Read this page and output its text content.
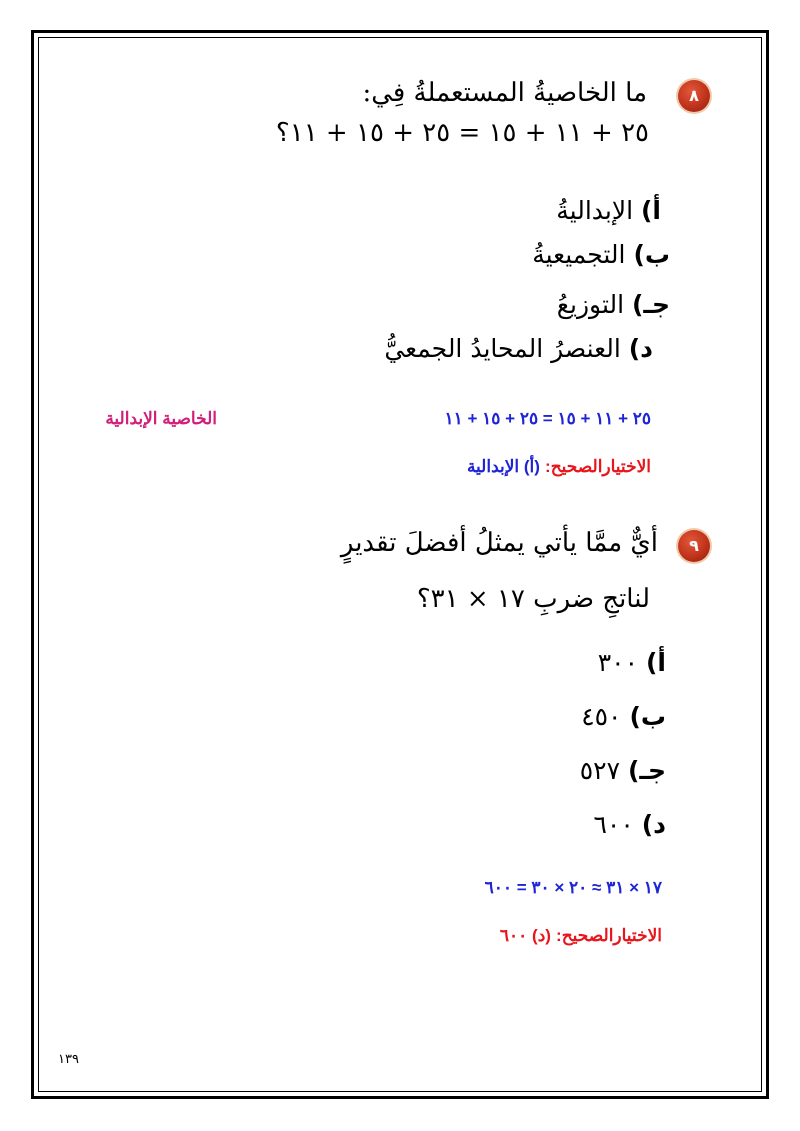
٨
ما الخاصيةُ المستعملةُ فِي:
٢٥ + ١١ + ١٥ = ٢٥ + ١٥ + ١١؟
أ) الإبداليةُ
ب) التجميعيةُ
جـ) التوزيعُ
د) العنصرُ المحايدُ الجمعيُّ
٢٥ + ١١ + ١٥ = ٢٥ + ١٥ + ١١
الخاصية الإبدالية
الاختيارالصحيح: (أ) الإبدالية
٩
أيٌّ ممَّا يأتي يمثلُ أفضلَ تقديرٍ
لناتجِ ضربِ ١٧ × ٣١؟
أ) ٣٠٠
ب) ٤٥٠
جـ) ٥٢٧
د) ٦٠٠
١٧ × ٣١ ≈ ٢٠ × ٣٠ = ٦٠٠
الاختيارالصحيح: (د) ٦٠٠
١٣٩
